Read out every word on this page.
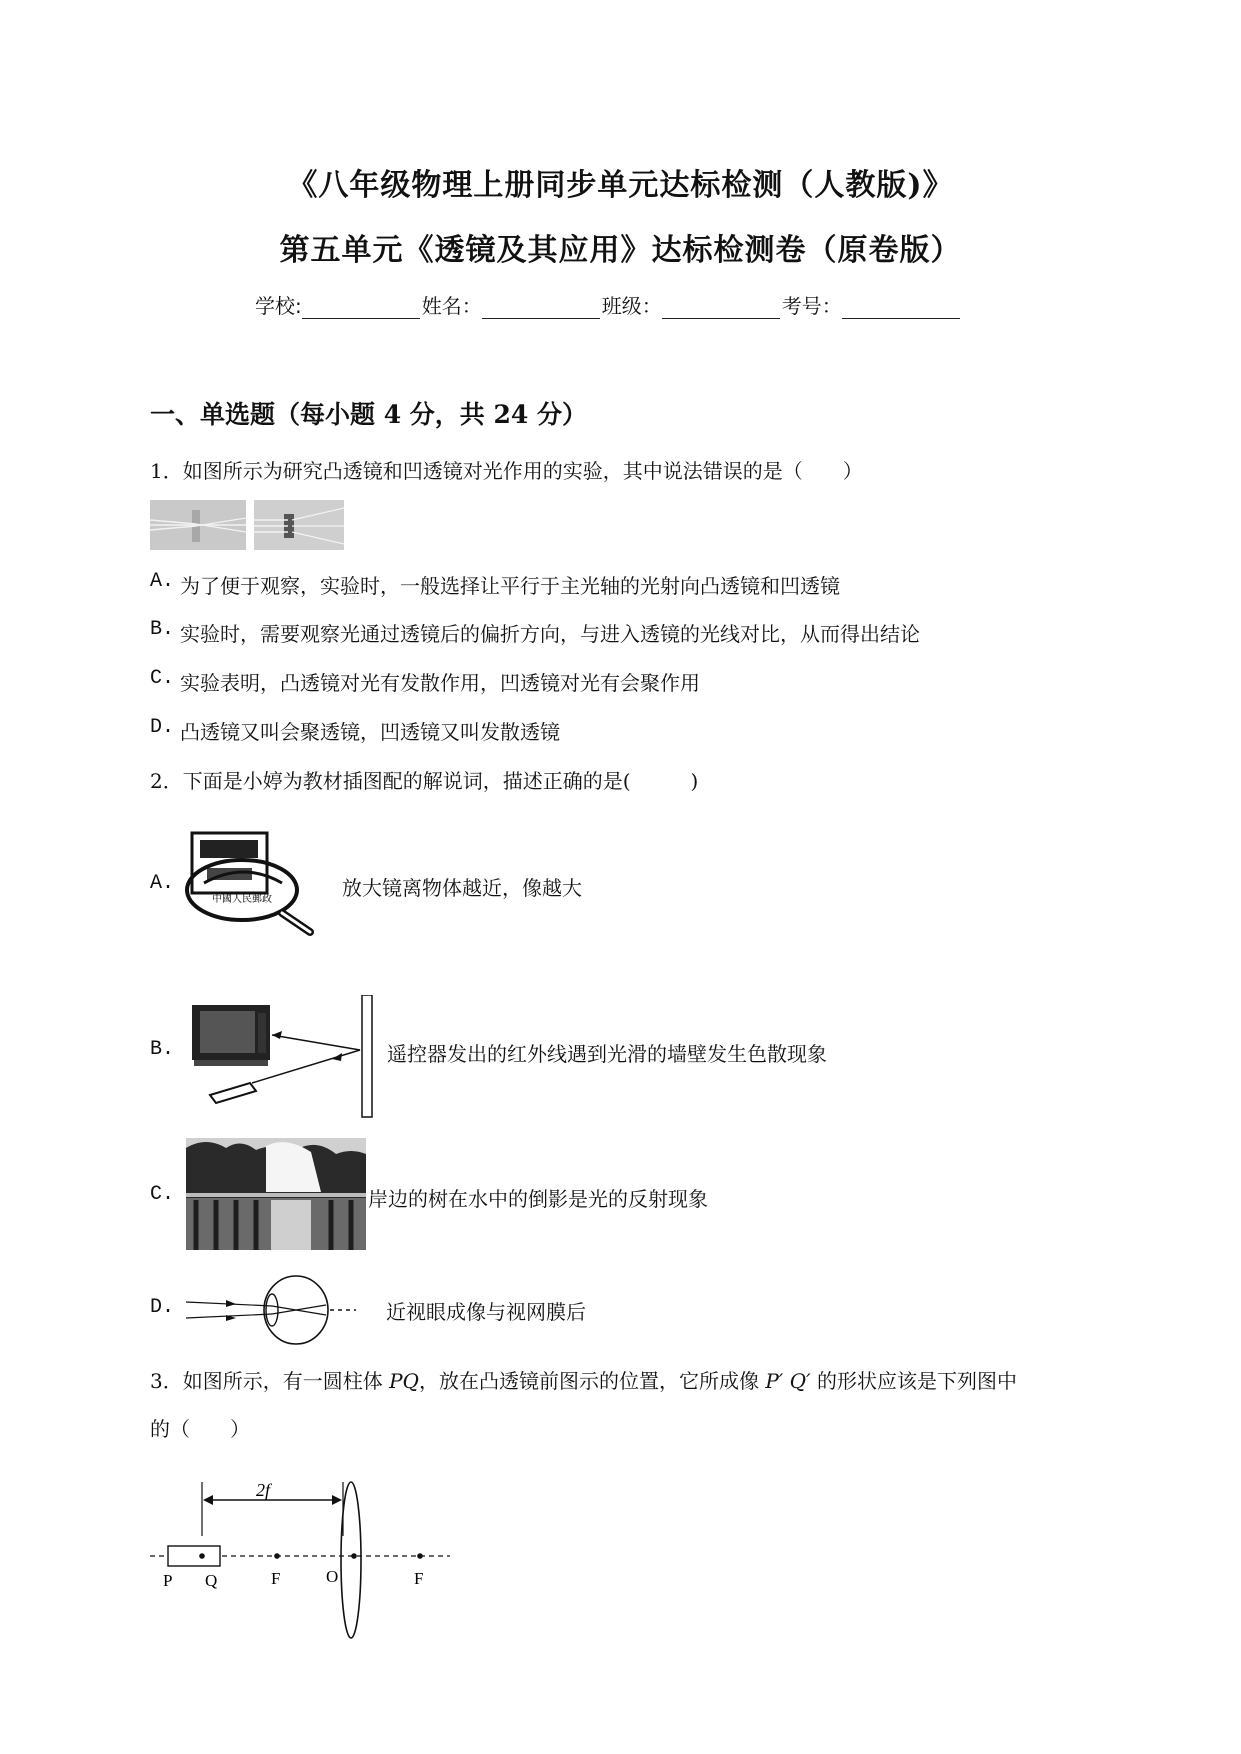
《八年级物理上册同步单元达标检测（人教版)》
第五单元《透镜及其应用》达标检测卷（原卷版）
学校:	姓名：	班级：	考号：
一、单选题（每小题 4 分，共 24 分）
1．如图所示为研究凸透镜和凹透镜对光作用的实验，其中说法错误的是（　　）
A. 为了便于观察，实验时，一般选择让平行于主光轴的光射向凸透镜和凹透镜
B. 实验时，需要观察光通过透镜后的偏折方向，与进入透镜的光线对比，从而得出结论
C. 实验表明，凸透镜对光有发散作用，凹透镜对光有会聚作用
D. 凸透镜又叫会聚透镜，凹透镜又叫发散透镜
2．下面是小婷为教材插图配的解说词，描述正确的是(　　　)
A.
中國人民郵政	放大镜离物体越近，像越大
B.	遥控器发出的红外线遇到光滑的墙壁发生色散现象
C.	岸边的树在水中的倒影是光的反射现象
D.	近视眼成像与视网膜后
3．如图所示，有一圆柱体 PQ，放在凸透镜前图示的位置，它所成像 P′ Q′ 的形状应该是下列图中
的（　　）
2f
P Q	F	O	F
